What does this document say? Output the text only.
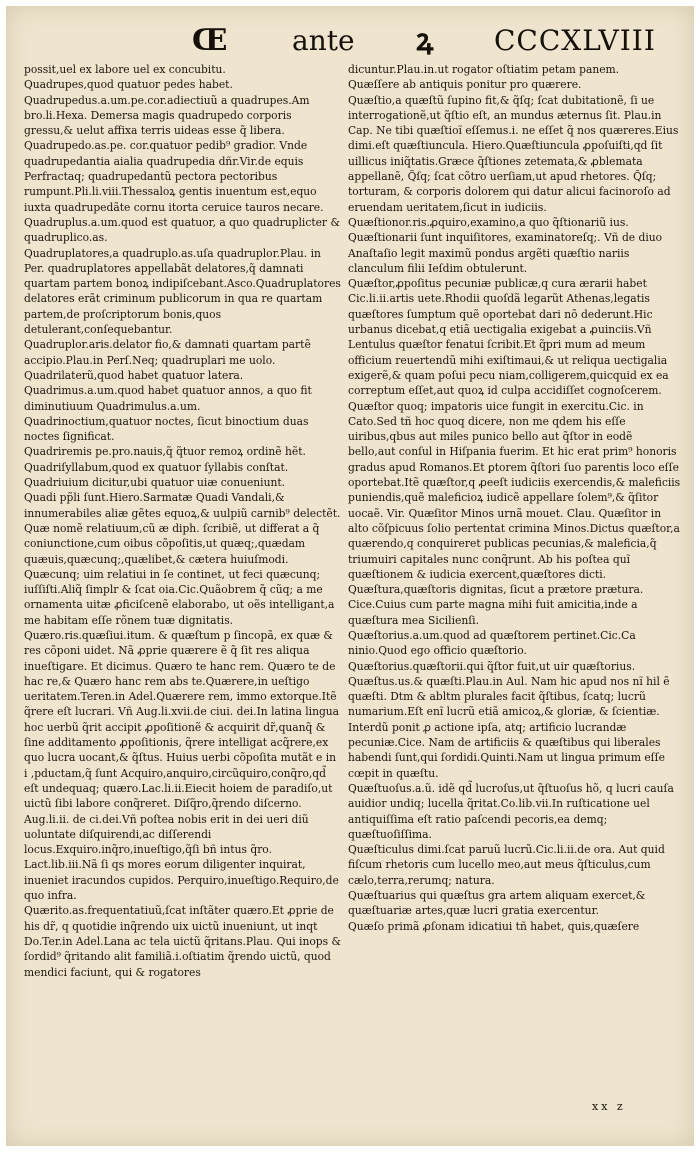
Œ ante ꝝ CCCXLVIII

possit,uel ex labore uel ex concubitu.

Quadrupes,quod quatuor pedes habet.

Quadrupedus.a.um.pe.cor.adiectiuũ a quadrupes.Am bro.li.Hexa. Demersa magis quadrupedo corporis gressu,& uelut affixa terris uideas esse q̃ libera.

Quadrupedo.as.pe. cor.quatuor pedib⁹ gradior. Vnde quadrupedantia aialia quadrupedia dñr.Vir.de equis Perfractaq; quadrupedantũ pectora pectoribus rumpunt.Pli.li.viii.Thessaloꝝ gentis inuentum est,equo iuxta quadrupedãte cornu itorta ceruice tauros necare.

Quadruplus.a.um.quod est quatuor, a quo quadruplicter & quadruplico.as.

Quadruplatores,a quadruplo.as.uſa quadruplor.Plau. in Per. quadruplatores appellabãt delatores,q̃ damnati quartam partem bonoꝝ indipiſcebant.Asco.Quadruplatores delatores erãt criminum publicorum in qua re quartam partem,de proſcriptorum bonis,quos detulerant,conſequebantur.

Quadruplor.aris.delator fio,& damnati quartam partẽ accipio.Plau.in Perſ.Neq; quadruplari me uolo.

Quadrilaterũ,quod habet quatuor latera.

Quadrimus.a.um.quod habet quatuor annos, a quo fit diminutiuum Quadrimulus.a.um.

Quadrinoctium,quatuor noctes, ſicut binoctium duas noctes ſignificat.

Quadriremis pe.pro.nauis,q̃ q̃tuor remoꝝ ordinẽ hẽt.

Quadriſyllabum,quod ex quatuor ſyllabis conſtat.

Quadriuium dicitur,ubi quatuor uiæ conueniunt.

Quadi pp̃li ſunt.Hiero.Sarmatæ Quadi Vandali,& innumerabiles aliæ gẽtes equoꝝ,& uulpiũ carnib⁹ delectẽt.

Quæ nomẽ relatiuum,cũ æ diph. ſcribiẽ, ut differat a q̃ coniunctione,cum oibus cõpoſitis,ut quæq;,quædam quæuis,quæcunq;,quælibet,& cætera huiuſmodi.

Quæcunq; uim relatiui in ſe continet, ut feci quæcunq; iuſſiſti.Aliq̃ ſimplr & ſcat oia.Cic.Quãobrem q̃ cũq; a me ornamenta uitæ ꝓficiſcenẽ elaborabo, ut oẽs intelligant,a me habitam eſſe rõnem tuæ dignitatis.

Quæro.ris.quæſiui.itum. & quæſtum p ſincopã, ex quæ & res cõponi uidet. Nã ꝓprie quærere ẽ q̃ ſit res aliqua inueſtigare. Et dicimus. Quæro te hanc rem. Quæro te de hac re,& Quæro hanc rem abs te.Quærere,in ueſtigo ueritatem.Teren.in Adel.Quærere rem, immo extorque.Itẽ q̃rere eſt lucrari. Vñ Aug.li.xvii.de ciui. dei.In latina lingua hoc uerbũ q̃rit accipit ꝓpoſitionẽ & acquirit dr̃,quanq̃ & ſine additamento ꝓpoſitionis, q̃rere intelligat acq̃rere,ex quo lucra uocant,& q̃ſtus. Huius uerbi cõpoſita mutãt e in i ,pductam,q̃ ſunt Acquiro,anquiro,circũquiro,conq̃ro,qd̃ eſt undequaq; quæro.Lac.li.ii.Eiecit hoiem de paradiſo,ut uictũ ſibi labore conq̃reret. Diſq̃ro,q̃rendo diſcerno. Aug.li.ii. de ci.dei.Vñ poſtea nobis erit in dei ueri diũ uoluntate diſquirendi,ac diſſerendi locus.Exquiro.inq̃ro,inueſtigo,q̃ſi bñ intus q̃ro. Lact.lib.iii.Nã ſi qs mores eorum diligenter inquirat, inueniet iracundos cupidos. Perquiro,inueſtigo.Requiro,de quo infra.

Quærito.as.frequentatiuũ,ſcat inſtãter quæro.Et ꝓprie de his dr̃, q quotidie inq̃rendo uix uictũ inueniunt, ut inqt Do.Ter.in Adel.Lana ac tela uictũ q̃ritans.Plau. Qui inops & ſordid⁹ q̃ritando alit familiã.i.oſtiatim q̃rendo uictũ, quod mendici faciunt, qui & rogatores

dicuntur.Plau.in.ut rogator oſtiatim petam panem.

Quæſſere ab antiquis ponitur pro quærere.

Quæſtio,a quæſtũ ſupino fit,& q̃ſq; ſcat dubitationẽ, ſi ue interrogationẽ,ut q̃ſtio eſt, an mundus æternus ſit. Plau.in Cap. Ne tibi quæſtioĩ eſſemus.i. ne eſſet q̃ nos quæreres.Eius dimi.eſt quæſtiuncula. Hiero.Quæſtiuncula ꝓpoſuiſti,qd ſit uillicus iniq̃tatis.Græce q̃ſtiones zetemata,& ꝓblemata appellanẽ, Q̃ſq; ſcat cõtro uerſiam,ut apud rhetores. Q̃ſq; torturam, & corporis dolorem qui datur alicui facinoroſo ad eruendam ueritatem,ſicut in iudiciis.

Quæſtionor.ris.ꝓquiro,examino,a quo q̃ſtionariũ ius.

Quæſtionarii ſunt inquiſitores, examinatoreſq;. Vñ de diuo Anaſtaſio legit maximũ pondus argẽti quæſtio nariis clanculum filii Ieſdim obtulerunt.

Quæſtor,ꝓpoſitus pecuniæ publicæ,q cura ærarii habet Cic.li.ii.artis uete.Rhodii quoſdã legarũt Athenas,legatis quæſtores ſumptum quẽ oportebat dari nõ dederunt.Hic urbanus dicebat,q etiã uectigalia exigebat a ꝓuinciis.Vñ Lentulus quæſtor fenatui ſcribit.Et q̃pri mum ad meum officium reuertendũ mihi exiſtimaui,& ut reliqua uectigalia exigerẽ,& quam poſui pecu niam,colligerem,quicquid ex ea correptum eſſet,aut quoꝝ id culpa accidiſſet cognoſcerem.

Quæſtor quoq; impatoris uice fungit in exercitu.Cic. in Cato.Sed tñ hoc quoq dicere, non me qdem his eſſe uiribus,qbus aut miles punico bello aut q̃ſtor in eodẽ bello,aut conſul in Hiſpania fuerim. Et hic erat prim⁹ honoris gradus apud Romanos.Et ꝑtorem q̃ſtori ſuo parentis loco eſſe oportebat.Itẽ quæſtor,q ꝓeeſt iudiciis exercendis,& maleficiis puniendis,quẽ maleficioꝝ iudicẽ appellare ſolem⁹,& q̃ſitor uocaẽ. Vir. Quæſitor Minos urnã mouet. Clau. Quæſitor in alto cõſpicuus ſolio pertentat crimina Minos.Dictus quæſtor,a quærendo,q conquireret publicas pecunias,& maleficia,q̃ triumuiri capitales nunc conq̃runt. Ab his poſtea quĩ quæſtionem & iudicia exercent,quæſtores dicti.

Quæſtura,quæſtoris dignitas, ſicut a prætore prætura. Cice.Cuius cum parte magna mihi fuit amicitia,inde a quæſtura mea Sicilienſi.

Quæſtorius.a.um.quod ad quæſtorem pertinet.Cic.Ca ninio.Quod ego officio quæſtorio.

Quæſtorius.quæſtorii.qui q̃ſtor fuit,ut uir quæſtorius.

Quæſtus.us.& quæſti.Plau.in Aul. Nam hic apud nos nĩ hil ẽ quæſti. Dtm & abltm plurales facit q̃ſtibus, ſcatq; lucrũ numarium.Eſt enĩ lucrũ etiã amicoꝝ,& gloriæ, & ſcientiæ. Interdũ ponit ꝓ actione ipſa, atq; artificio lucrandæ pecuniæ.Cice. Nam de artificiis & quæſtibus qui liberales habendi ſunt,qui ſordidi.Quinti.Nam ut lingua primum eſſe cœpit in quæſtu.

Quæſtuoſus.a.ũ. idẽ qd̃ lucroſus,ut q̃ſtuoſus hõ, q lucri cauſa auidior undiq; lucella q̃ritat.Co.lib.vii.In ruſticatione uel antiquiſſima eſt ratio paſcendi pecoris,ea demq; quæſtuoſiſſima.

Quæſticulus dimi.ſcat paruũ lucrũ.Cic.li.ii.de ora. Aut quid fiſcum rhetoris cum lucello meo,aut meus q̃ſticulus,cum cælo,terra,rerumq; natura.

Quæſtuarius qui quæſtus gra artem aliquam exercet,& quæſtuariæ artes,quæ lucri gratia exercentur.

Quæſo primã ꝓſonam idicatiui tñ habet, quis,quæſere

xx z
